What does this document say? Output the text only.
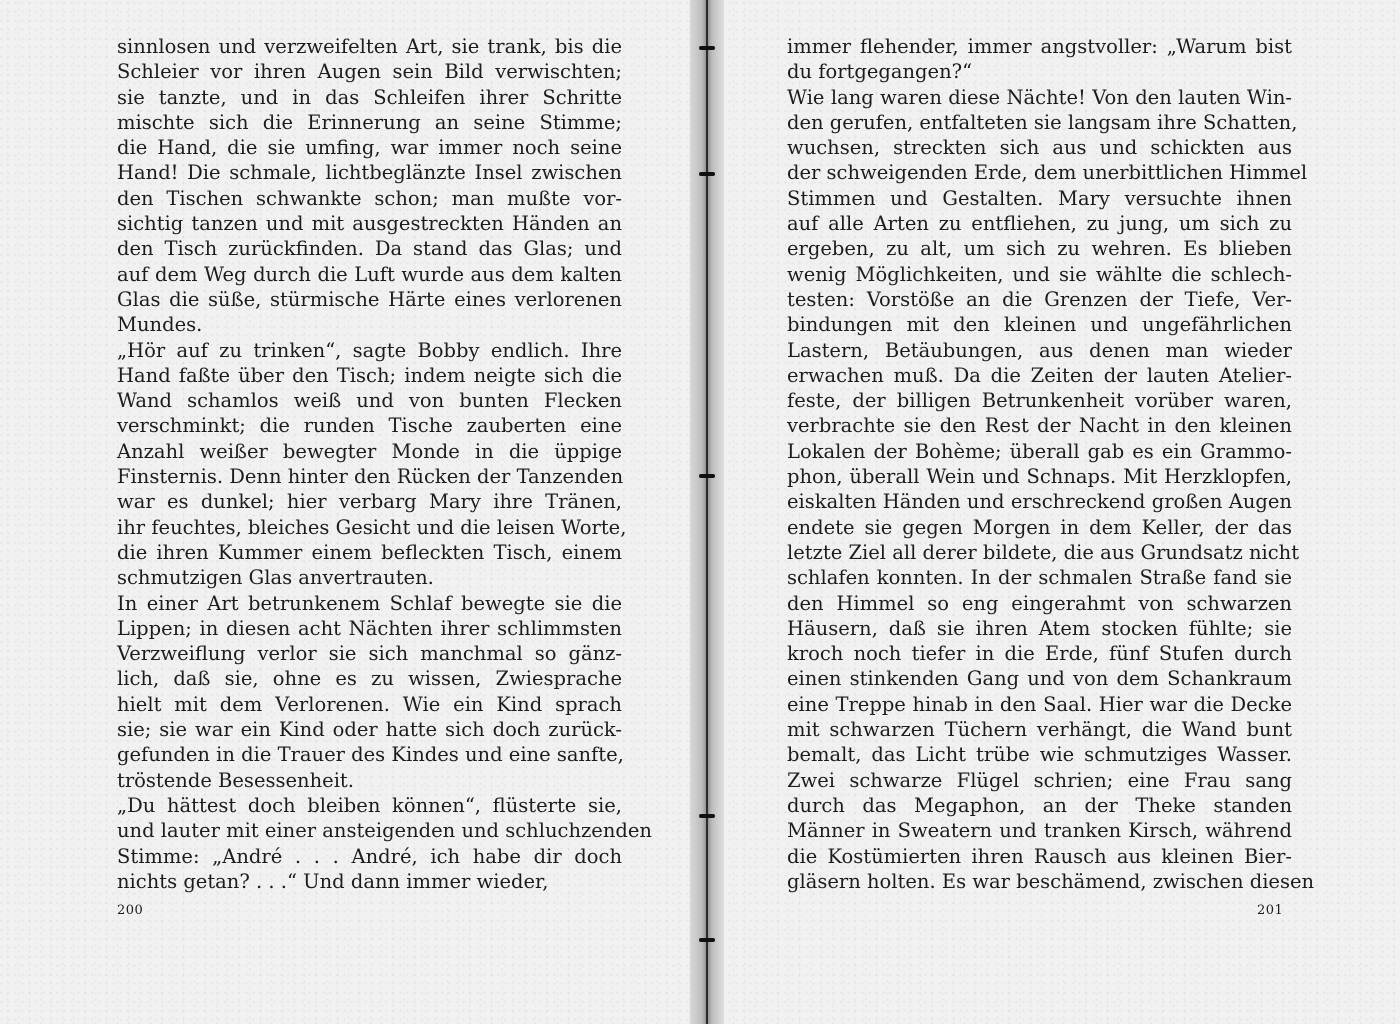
sinnlosen und verzweifelten Art, sie trank, bis die
Schleier vor ihren Augen sein Bild verwischten;
sie tanzte, und in das Schleifen ihrer Schritte
mischte sich die Erinnerung an seine Stimme;
die Hand, die sie umfing, war immer noch seine
Hand! Die schmale, lichtbeglänzte Insel zwischen
den Tischen schwankte schon; man mußte vor-
sichtig tanzen und mit ausgestreckten Händen an
den Tisch zurückfinden. Da stand das Glas; und
auf dem Weg durch die Luft wurde aus dem kalten
Glas die süße, stürmische Härte eines verlorenen
Mundes.
„Hör auf zu trinken“, sagte Bobby endlich. Ihre
Hand faßte über den Tisch; indem neigte sich die
Wand schamlos weiß und von bunten Flecken
verschminkt; die runden Tische zauberten eine
Anzahl weißer bewegter Monde in die üppige
Finsternis. Denn hinter den Rücken der Tanzenden
war es dunkel; hier verbarg Mary ihre Tränen,
ihr feuchtes, bleiches Gesicht und die leisen Worte,
die ihren Kummer einem befleckten Tisch, einem
schmutzigen Glas anvertrauten.
In einer Art betrunkenem Schlaf bewegte sie die
Lippen; in diesen acht Nächten ihrer schlimmsten
Verzweiflung verlor sie sich manchmal so gänz-
lich, daß sie, ohne es zu wissen, Zwiesprache
hielt mit dem Verlorenen. Wie ein Kind sprach
sie; sie war ein Kind oder hatte sich doch zurück-
gefunden in die Trauer des Kindes und eine sanfte,
tröstende Besessenheit.
„Du hättest doch bleiben können“, flüsterte sie,
und lauter mit einer ansteigenden und schluchzenden
Stimme: „André . . . André, ich habe dir doch
nichts getan? . . .“ Und dann immer wieder,
200
immer flehender, immer angstvoller: „Warum bist
du fortgegangen?“
Wie lang waren diese Nächte! Von den lauten Win-
den gerufen, entfalteten sie langsam ihre Schatten,
wuchsen, streckten sich aus und schickten aus
der schweigenden Erde, dem unerbittlichen Himmel
Stimmen und Gestalten. Mary versuchte ihnen
auf alle Arten zu entfliehen, zu jung, um sich zu
ergeben, zu alt, um sich zu wehren. Es blieben
wenig Möglichkeiten, und sie wählte die schlech-
testen: Vorstöße an die Grenzen der Tiefe, Ver-
bindungen mit den kleinen und ungefährlichen
Lastern, Betäubungen, aus denen man wieder
erwachen muß. Da die Zeiten der lauten Atelier-
feste, der billigen Betrunkenheit vorüber waren,
verbrachte sie den Rest der Nacht in den kleinen
Lokalen der Bohème; überall gab es ein Grammo-
phon, überall Wein und Schnaps. Mit Herzklopfen,
eiskalten Händen und erschreckend großen Augen
endete sie gegen Morgen in dem Keller, der das
letzte Ziel all derer bildete, die aus Grundsatz nicht
schlafen konnten. In der schmalen Straße fand sie
den Himmel so eng eingerahmt von schwarzen
Häusern, daß sie ihren Atem stocken fühlte; sie
kroch noch tiefer in die Erde, fünf Stufen durch
einen stinkenden Gang und von dem Schankraum
eine Treppe hinab in den Saal. Hier war die Decke
mit schwarzen Tüchern verhängt, die Wand bunt
bemalt, das Licht trübe wie schmutziges Wasser.
Zwei schwarze Flügel schrien; eine Frau sang
durch das Megaphon, an der Theke standen
Männer in Sweatern und tranken Kirsch, während
die Kostümierten ihren Rausch aus kleinen Bier-
gläsern holten. Es war beschämend, zwischen diesen
201
